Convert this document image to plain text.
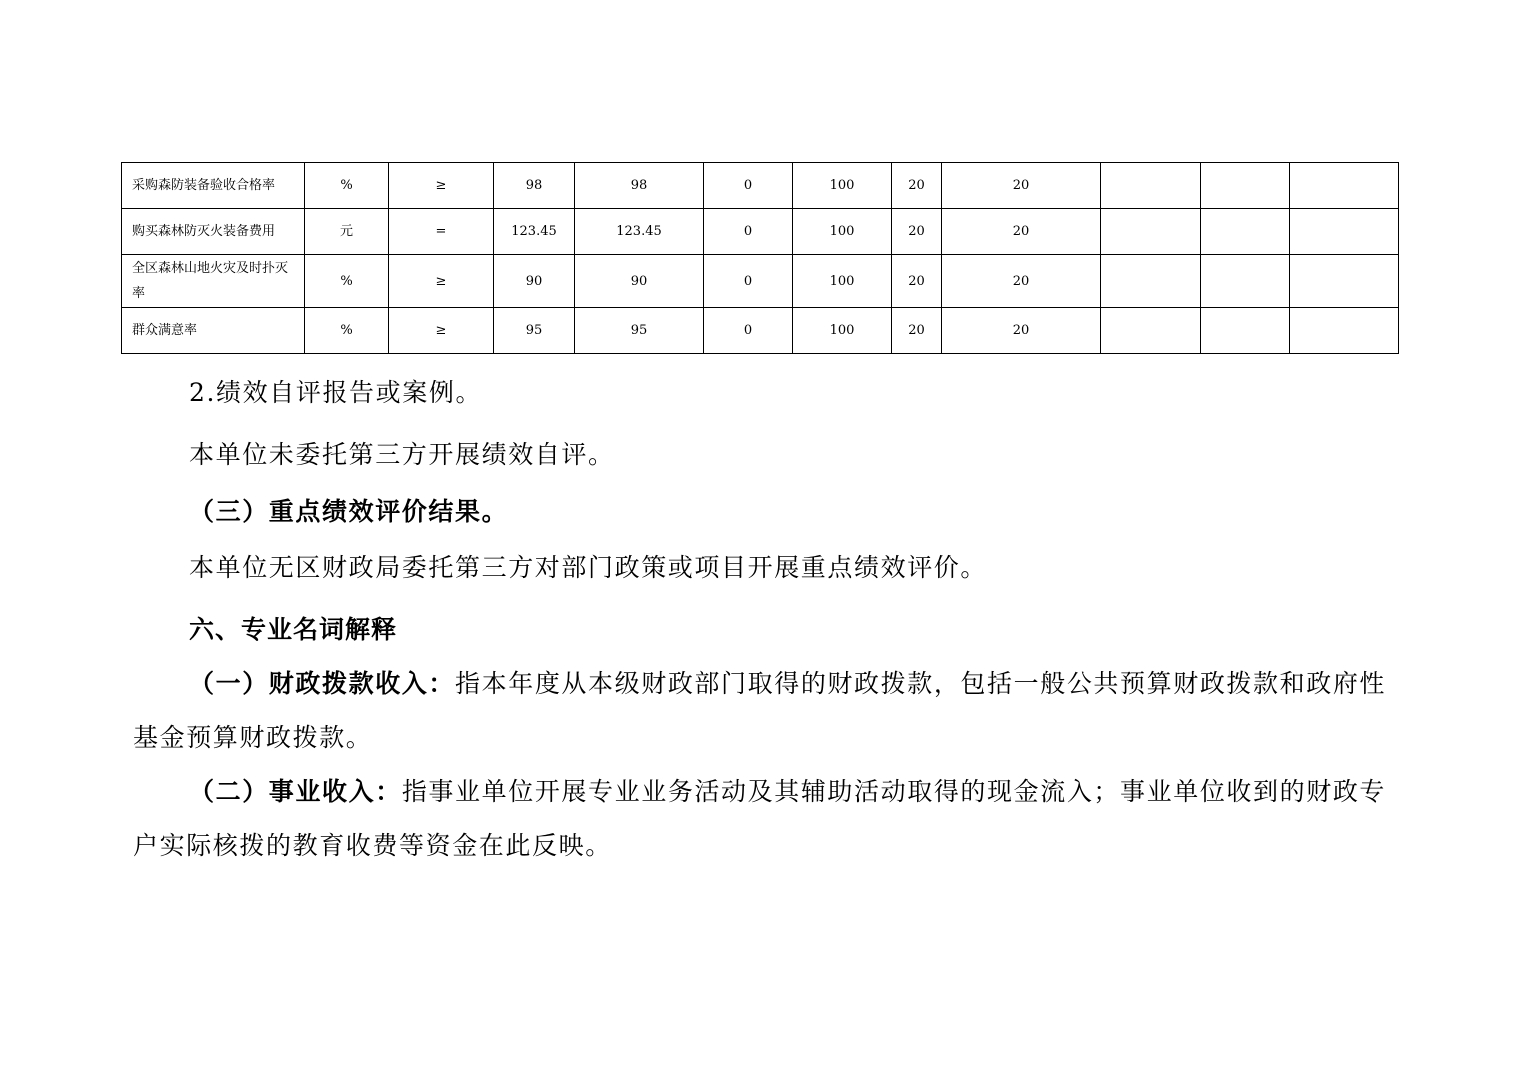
采购森防装备验收合格率	%	≥	98	98	0	100	20	20			
购买森林防灭火装备费用	元	=	123.45	123.45	0	100	20	20			
全区森林山地火灾及时扑灭率	%	≥	90	90	0	100	20	20			
群众满意率	%	≥	95	95	0	100	20	20			
2.绩效自评报告或案例。
本单位未委托第三方开展绩效自评。
（三）重点绩效评价结果。
本单位无区财政局委托第三方对部门政策或项目开展重点绩效评价。
六、专业名词解释
（一）财政拨款收入：指本年度从本级财政部门取得的财政拨款，包括一般公共预算财政拨款和政府性基金预算财政拨款。
（二）事业收入：指事业单位开展专业业务活动及其辅助活动取得的现金流入；事业单位收到的财政专户实际核拨的教育收费等资金在此反映。
